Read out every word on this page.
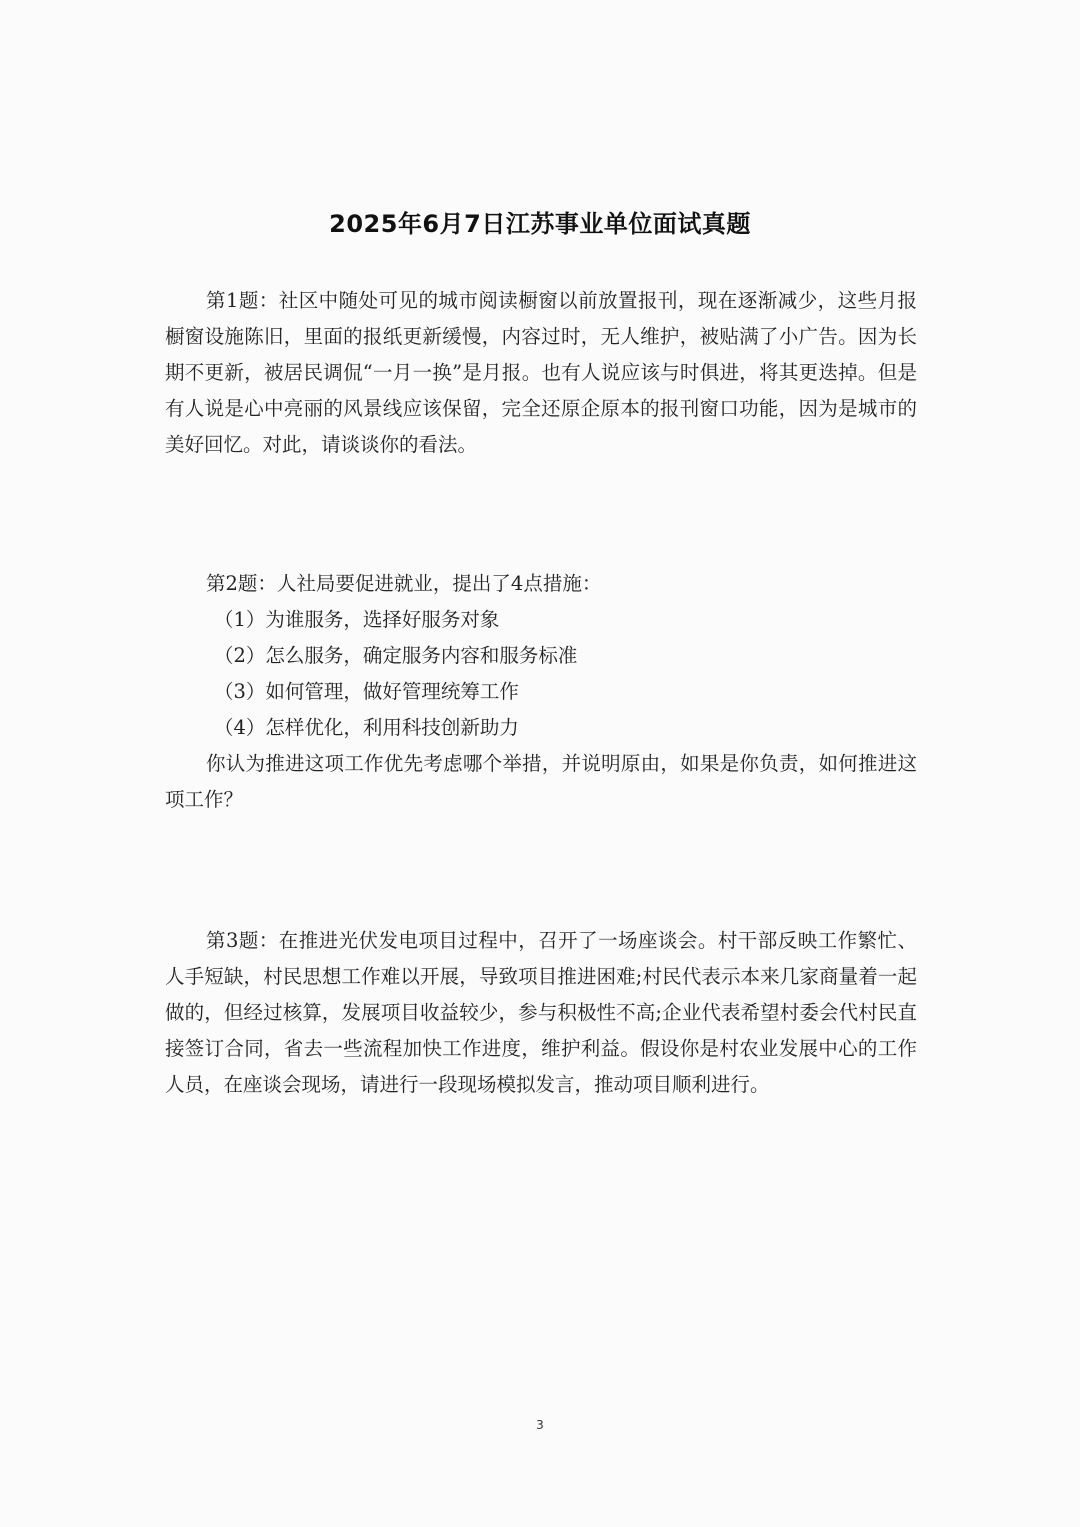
2025年6月7日江苏事业单位面试真题

第1题：社区中随处可见的城市阅读橱窗以前放置报刊，现在逐渐减少，这些月报橱窗设施陈旧，里面的报纸更新缓慢，内容过时，无人维护，被贴满了小广告。因为长期不更新，被居民调侃“一月一换”是月报。也有人说应该与时俱进，将其更迭掉。但是有人说是心中亮丽的风景线应该保留，完全还原企原本的报刊窗口功能，因为是城市的美好回忆。对此，请谈谈你的看法。

第2题：人社局要促进就业，提出了4点措施：

（1）为谁服务，选择好服务对象

（2）怎么服务，确定服务内容和服务标准

（3）如何管理，做好管理统筹工作

（4）怎样优化，利用科技创新助力

你认为推进这项工作优先考虑哪个举措，并说明原由，如果是你负责，如何推进这项工作？

第3题：在推进光伏发电项目过程中，召开了一场座谈会。村干部反映工作繁忙、人手短缺，村民思想工作难以开展，导致项目推进困难;村民代表示本来几家商量着一起做的，但经过核算，发展项目收益较少，参与积极性不高;企业代表希望村委会代村民直接签订合同，省去一些流程加快工作进度，维护利益。假设你是村农业发展中心的工作人员，在座谈会现场，请进行一段现场模拟发言，推动项目顺利进行。

3
